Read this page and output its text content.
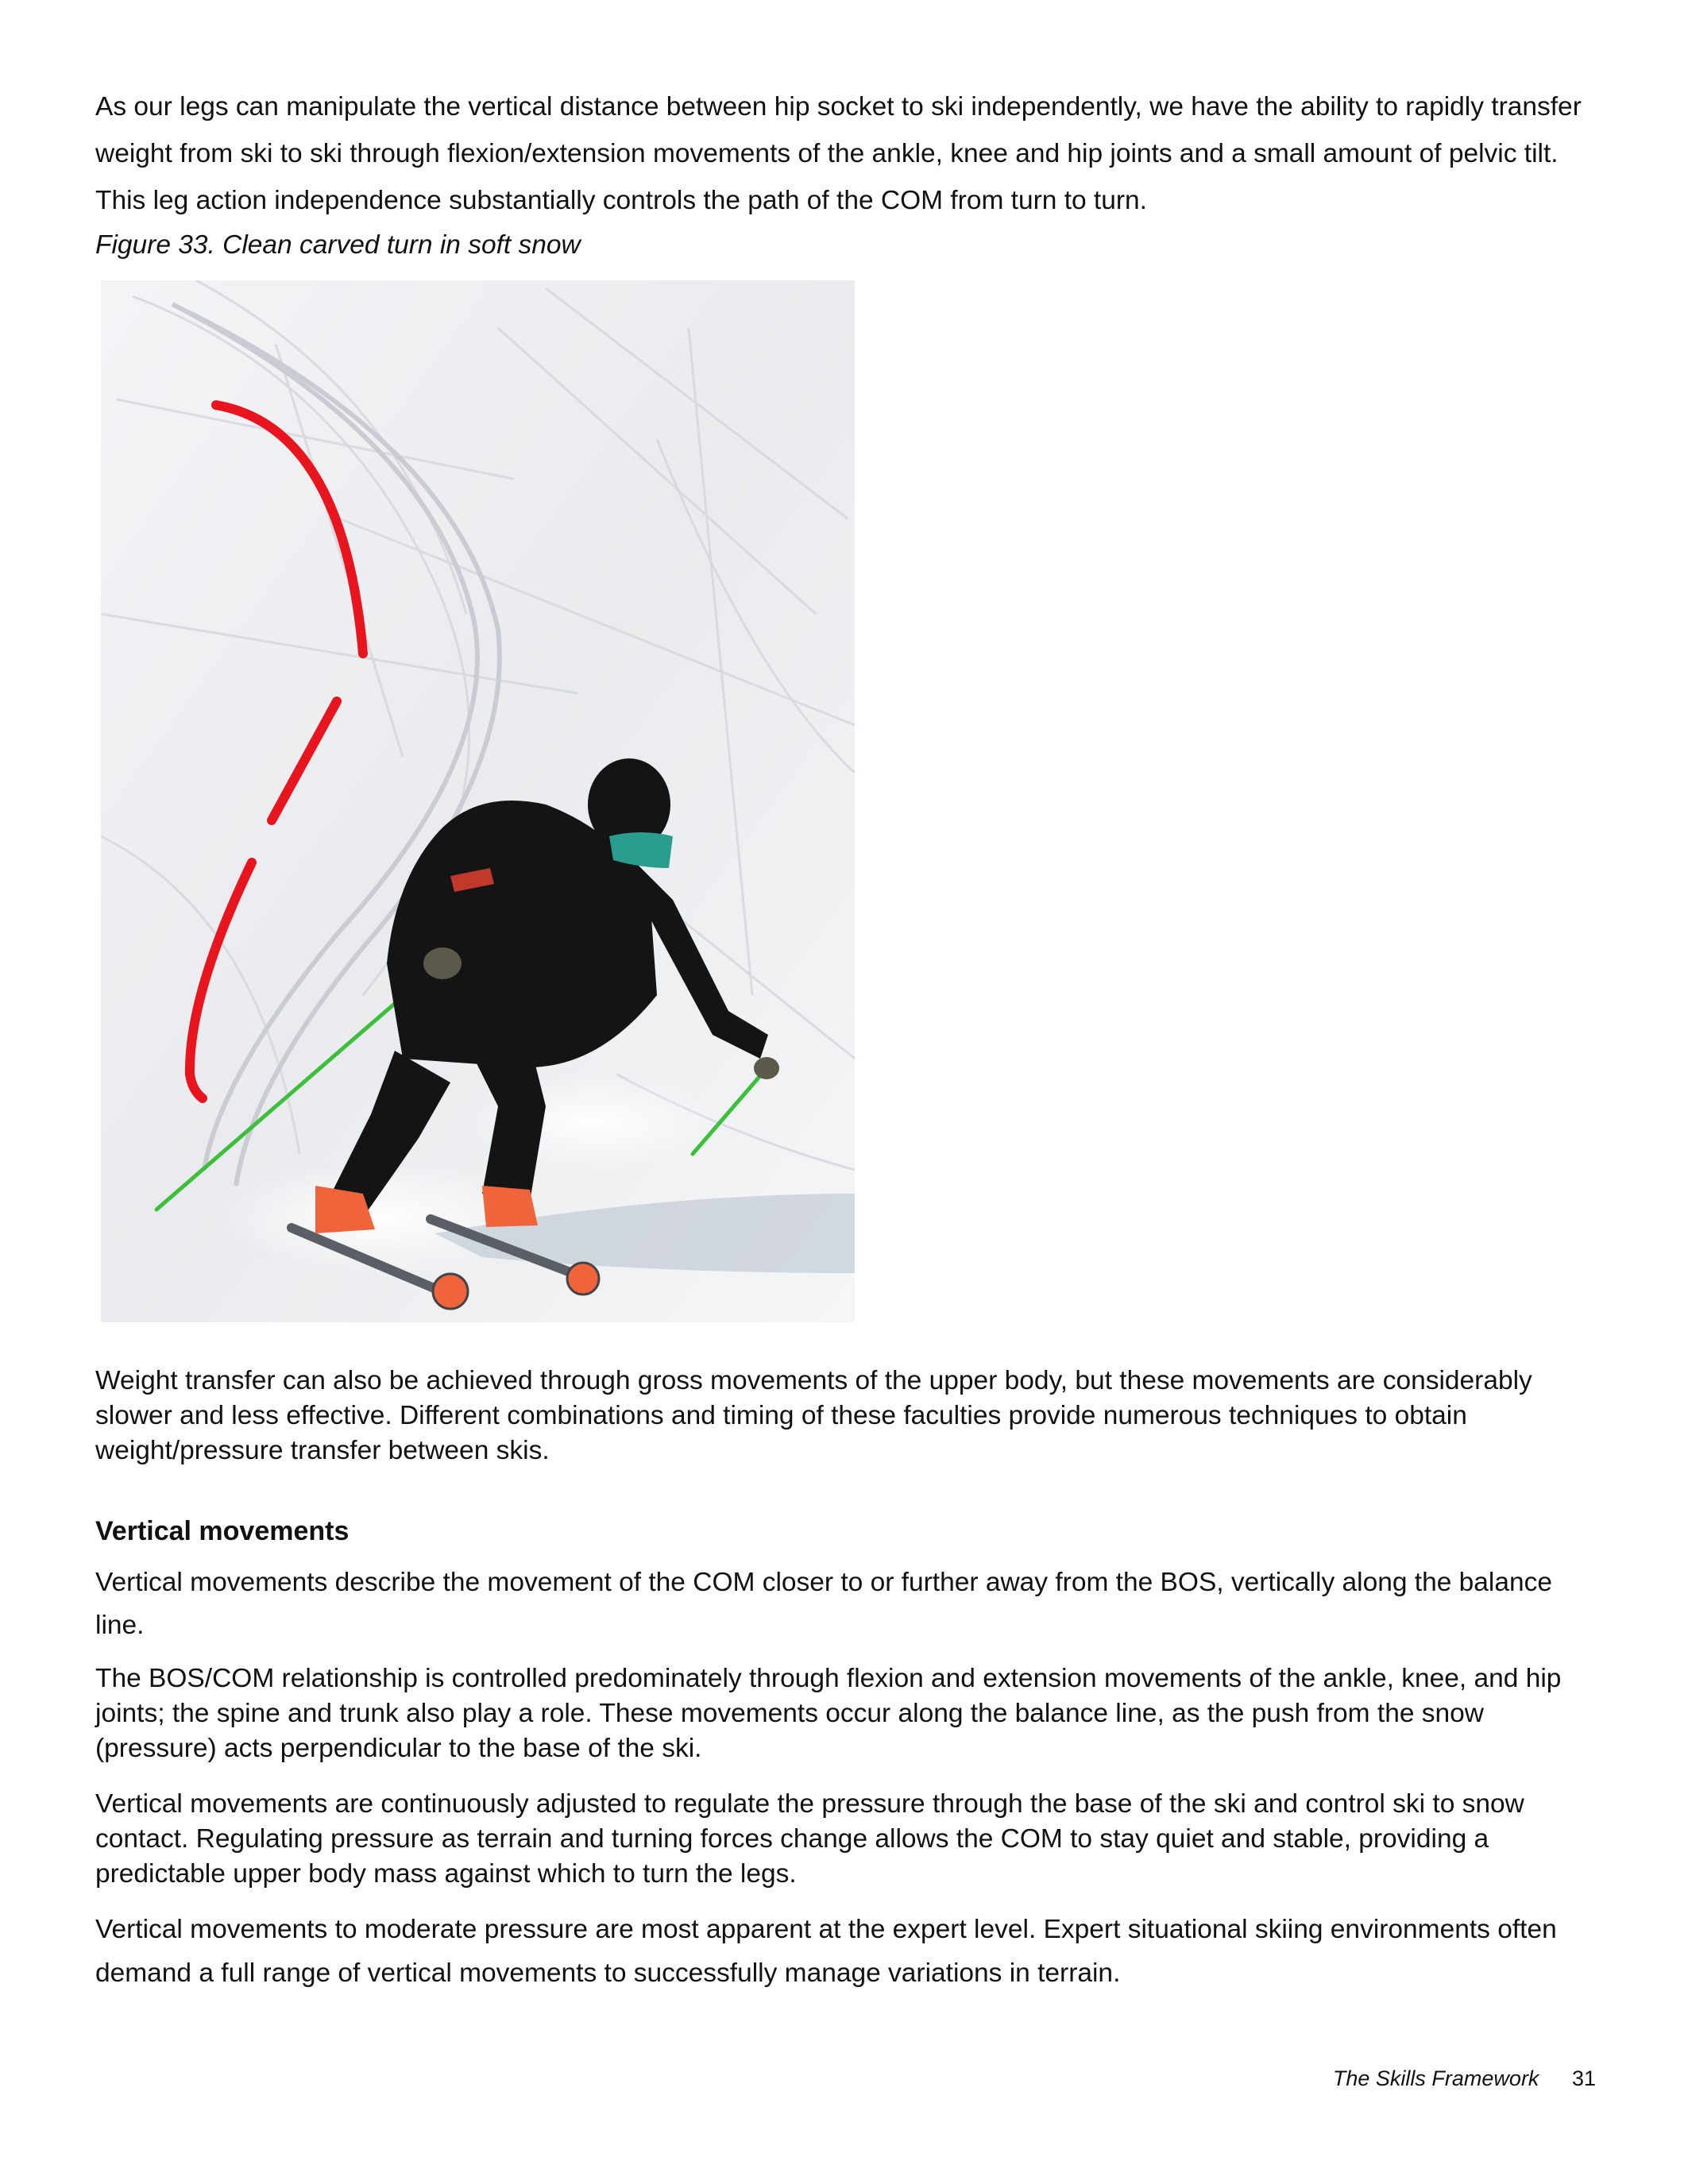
As our legs can manipulate the vertical distance between hip socket to ski independently, we have the ability to rapidly transfer weight from ski to ski through flexion/extension movements of the ankle, knee and hip joints and a small amount of pelvic tilt. This leg action independence substantially controls the path of the COM from turn to turn.

Figure 33. Clean carved turn in soft snow

Weight transfer can also be achieved through gross movements of the upper body, but these movements are considerably slower and less effective. Different combinations and timing of these faculties provide numerous techniques to obtain weight/pressure transfer between skis.

Vertical movements

Vertical movements describe the movement of the COM closer to or further away from the BOS, vertically along the balance line.

The BOS/COM relationship is controlled predominately through flexion and extension movements of the ankle, knee, and hip joints; the spine and trunk also play a role. These movements occur along the balance line, as the push from the snow (pressure) acts perpendicular to the base of the ski.

Vertical movements are continuously adjusted to regulate the pressure through the base of the ski and control ski to snow contact. Regulating pressure as terrain and turning forces change allows the COM to stay quiet and stable, providing a predictable upper body mass against which to turn the legs.

Vertical movements to moderate pressure are most apparent at the expert level. Expert situational skiing environments often demand a full range of vertical movements to successfully manage variations in terrain.

The Skills Framework 31
